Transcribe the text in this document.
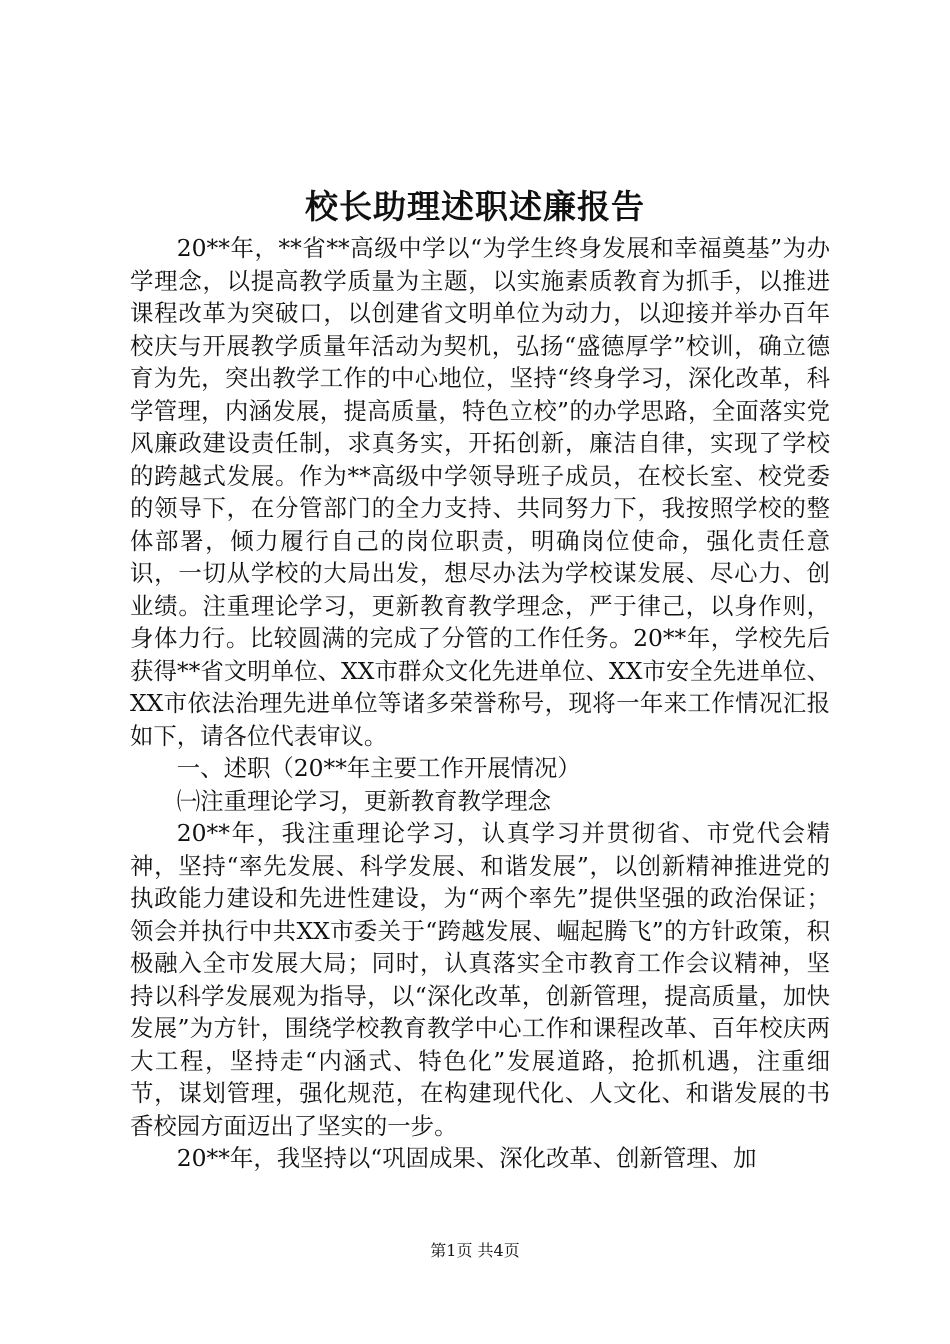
校长助理述职述廉报告

20**年，**省**高级中学以“为学生终身发展和幸福奠基”为办学理念，以提高教学质量为主题，以实施素质教育为抓手，以推进课程改革为突破口，以创建省文明单位为动力，以迎接并举办百年校庆与开展教学质量年活动为契机，弘扬“盛德厚学”校训，确立德育为先，突出教学工作的中心地位，坚持“终身学习，深化改革，科学管理，内涵发展，提高质量，特色立校”的办学思路，全面落实党风廉政建设责任制，求真务实，开拓创新，廉洁自律，实现了学校的跨越式发展。作为**高级中学领导班子成员，在校长室、校党委的领导下，在分管部门的全力支持、共同努力下，我按照学校的整体部署，倾力履行自己的岗位职责，明确岗位使命，强化责任意识，一切从学校的大局出发，想尽办法为学校谋发展、尽心力、创业绩。注重理论学习，更新教育教学理念，严于律己，以身作则，身体力行。比较圆满的完成了分管的工作任务。20**年，学校先后获得**省文明单位、XX市群众文化先进单位、XX市安全先进单位、XX市依法治理先进单位等诸多荣誉称号，现将一年来工作情况汇报如下，请各位代表审议。

一、述职（20**年主要工作开展情况）

㈠注重理论学习，更新教育教学理念

20**年，我注重理论学习，认真学习并贯彻省、市党代会精神，坚持“率先发展、科学发展、和谐发展”，以创新精神推进党的执政能力建设和先进性建设，为“两个率先”提供坚强的政治保证；领会并执行中共XX市委关于“跨越发展、崛起腾飞”的方针政策，积极融入全市发展大局；同时，认真落实全市教育工作会议精神，坚持以科学发展观为指导，以“深化改革，创新管理，提高质量，加快发展”为方针，围绕学校教育教学中心工作和课程改革、百年校庆两大工程，坚持走“内涵式、特色化”发展道路，抢抓机遇，注重细节，谋划管理，强化规范，在构建现代化、人文化、和谐发展的书香校园方面迈出了坚实的一步。

20**年，我坚持以“巩固成果、深化改革、创新管理、加

第1页 共4页
